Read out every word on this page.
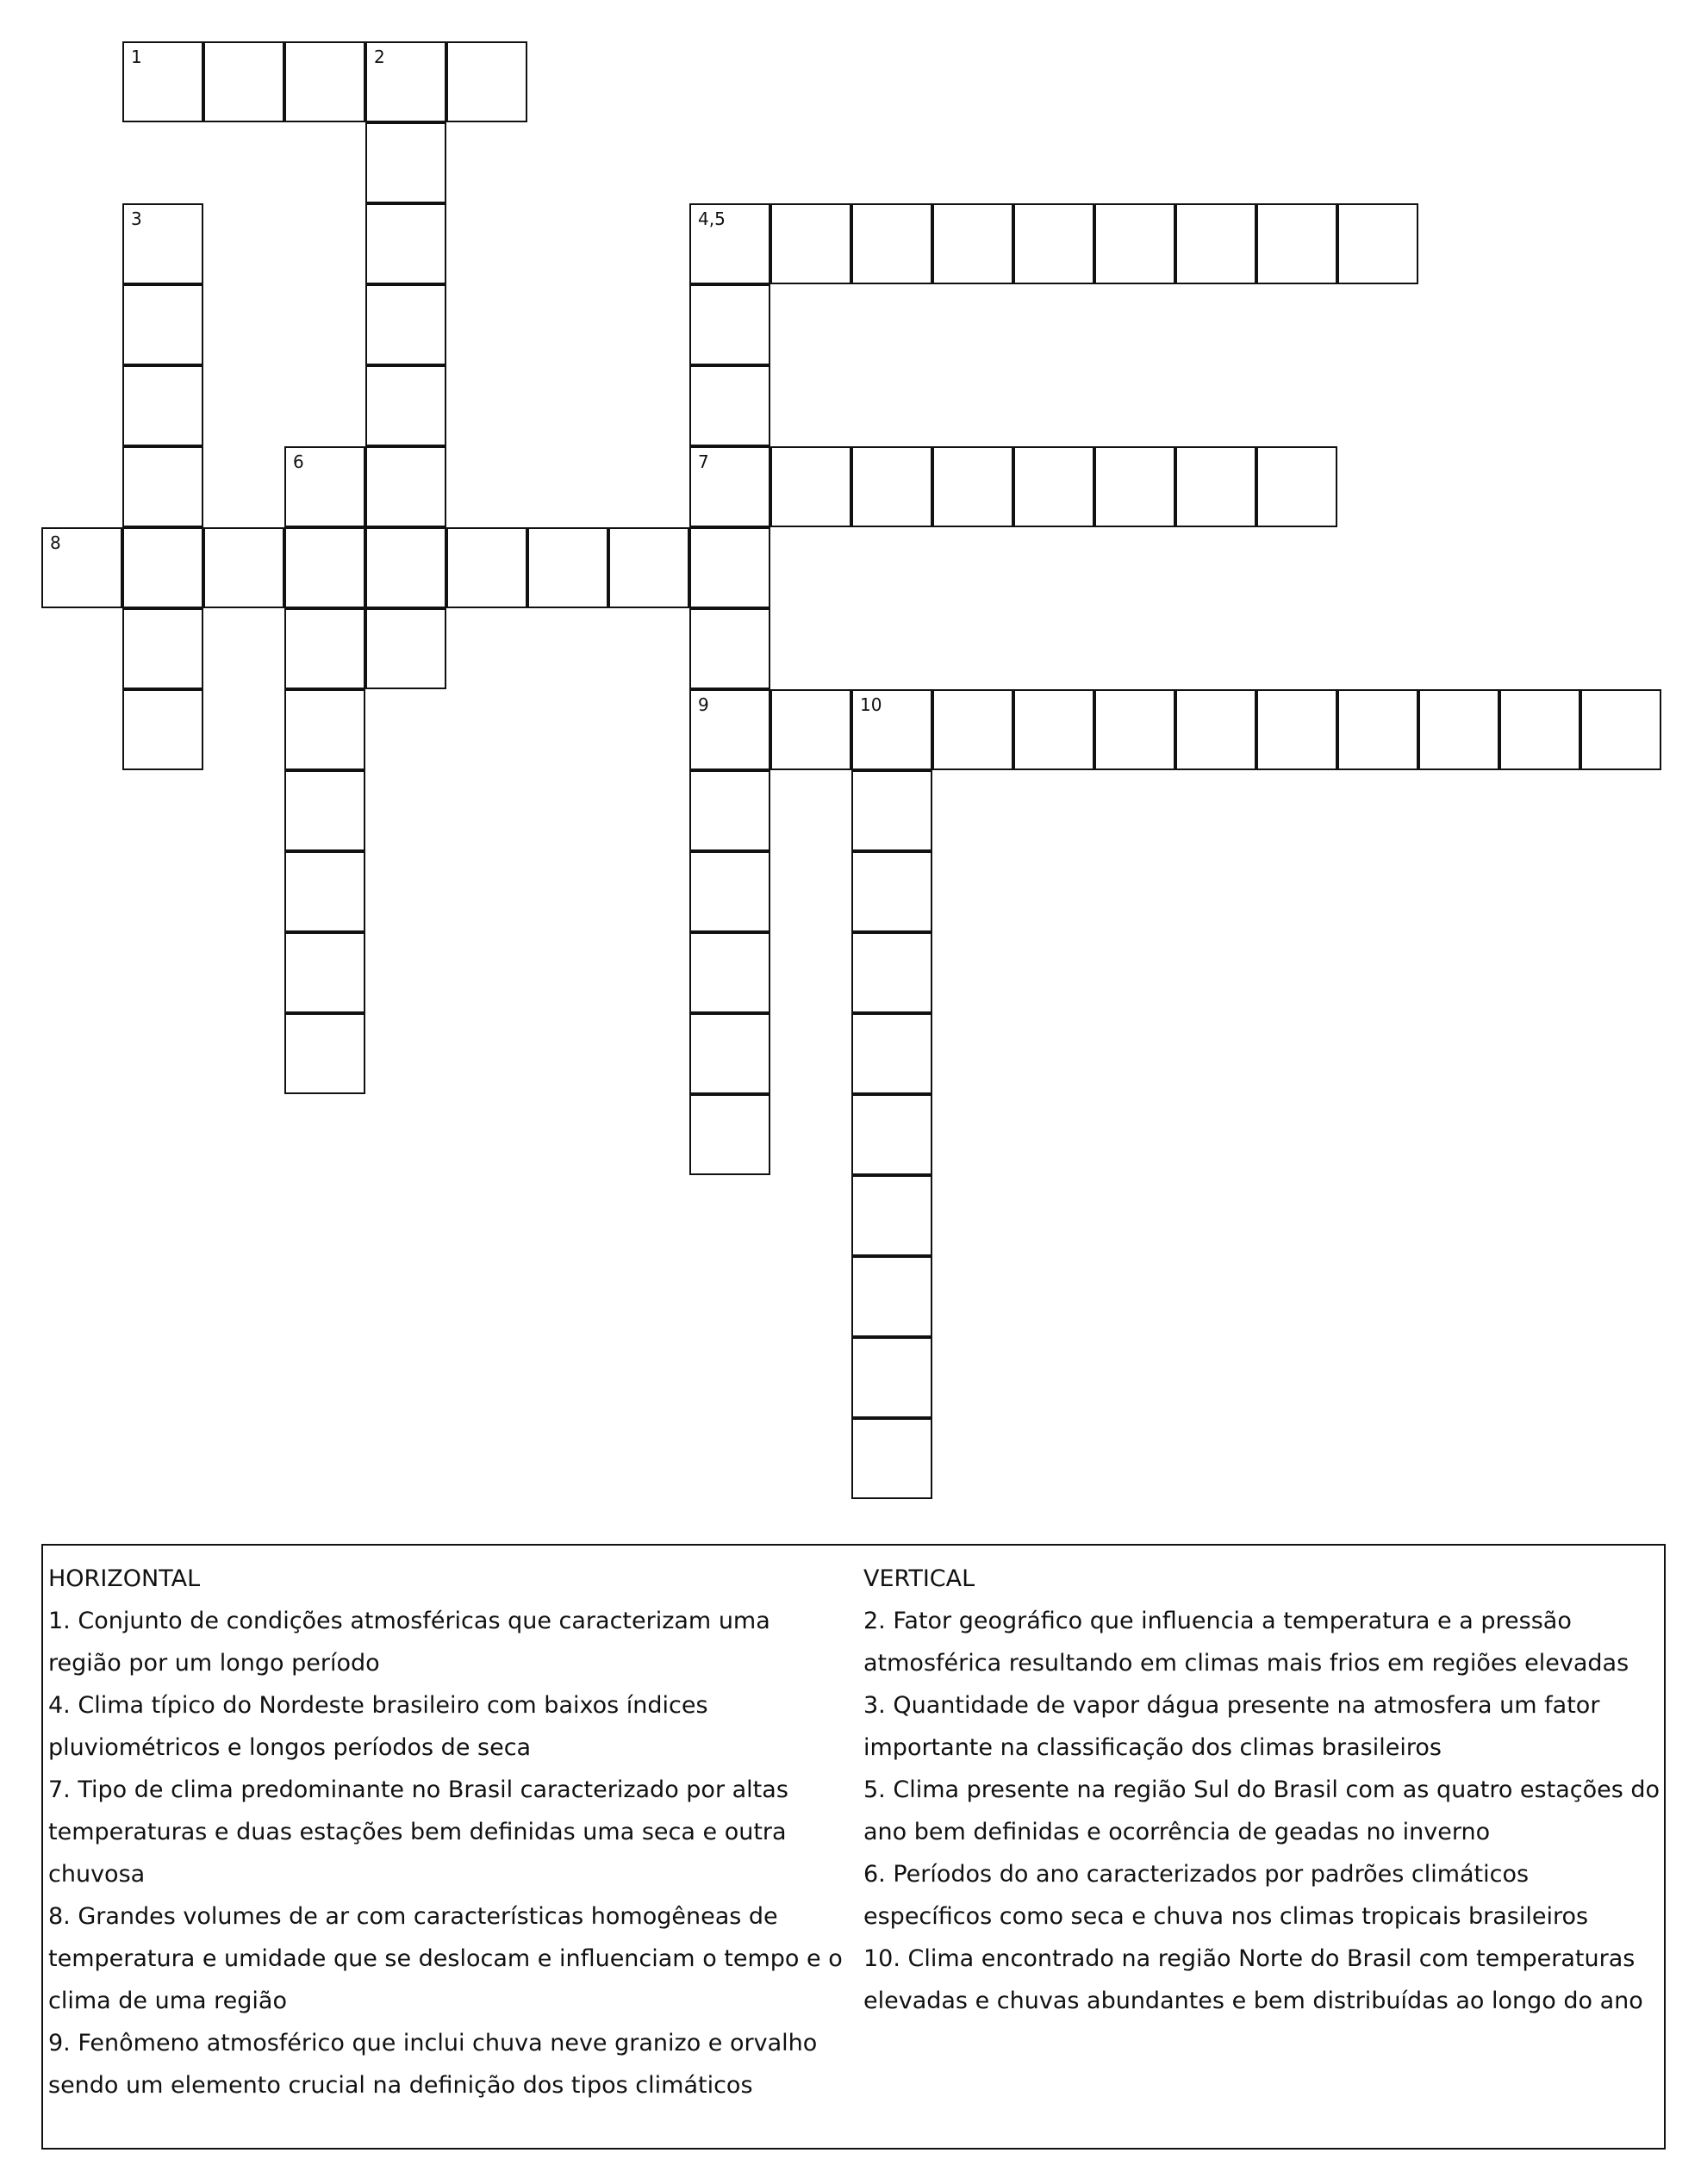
1	2
3	4,5
7
9
6
8
10
HORIZONTAL
1. Conjunto de condições atmosféricas que caracterizam uma região por um longo período
4. Clima típico do Nordeste brasileiro com baixos índices pluviométricos e longos períodos de seca
7. Tipo de clima predominante no Brasil caracterizado por altas temperaturas e duas estações bem definidas uma seca e outra chuvosa
8. Grandes volumes de ar com características homogêneas de temperatura e umidade que se deslocam e influenciam o tempo e o clima de uma região
9. Fenômeno atmosférico que inclui chuva neve granizo e orvalho sendo um elemento crucial na definição dos tipos climáticos
VERTICAL
2. Fator geográfico que influencia a temperatura e a pressão atmosférica resultando em climas mais frios em regiões elevadas
3. Quantidade de vapor dágua presente na atmosfera um fator importante na classificação dos climas brasileiros
5. Clima presente na região Sul do Brasil com as quatro estações do ano bem definidas e ocorrência de geadas no inverno
6. Períodos do ano caracterizados por padrões climáticos específicos como seca e chuva nos climas tropicais brasileiros
10. Clima encontrado na região Norte do Brasil com temperaturas elevadas e chuvas abundantes e bem distribuídas ao longo do ano
